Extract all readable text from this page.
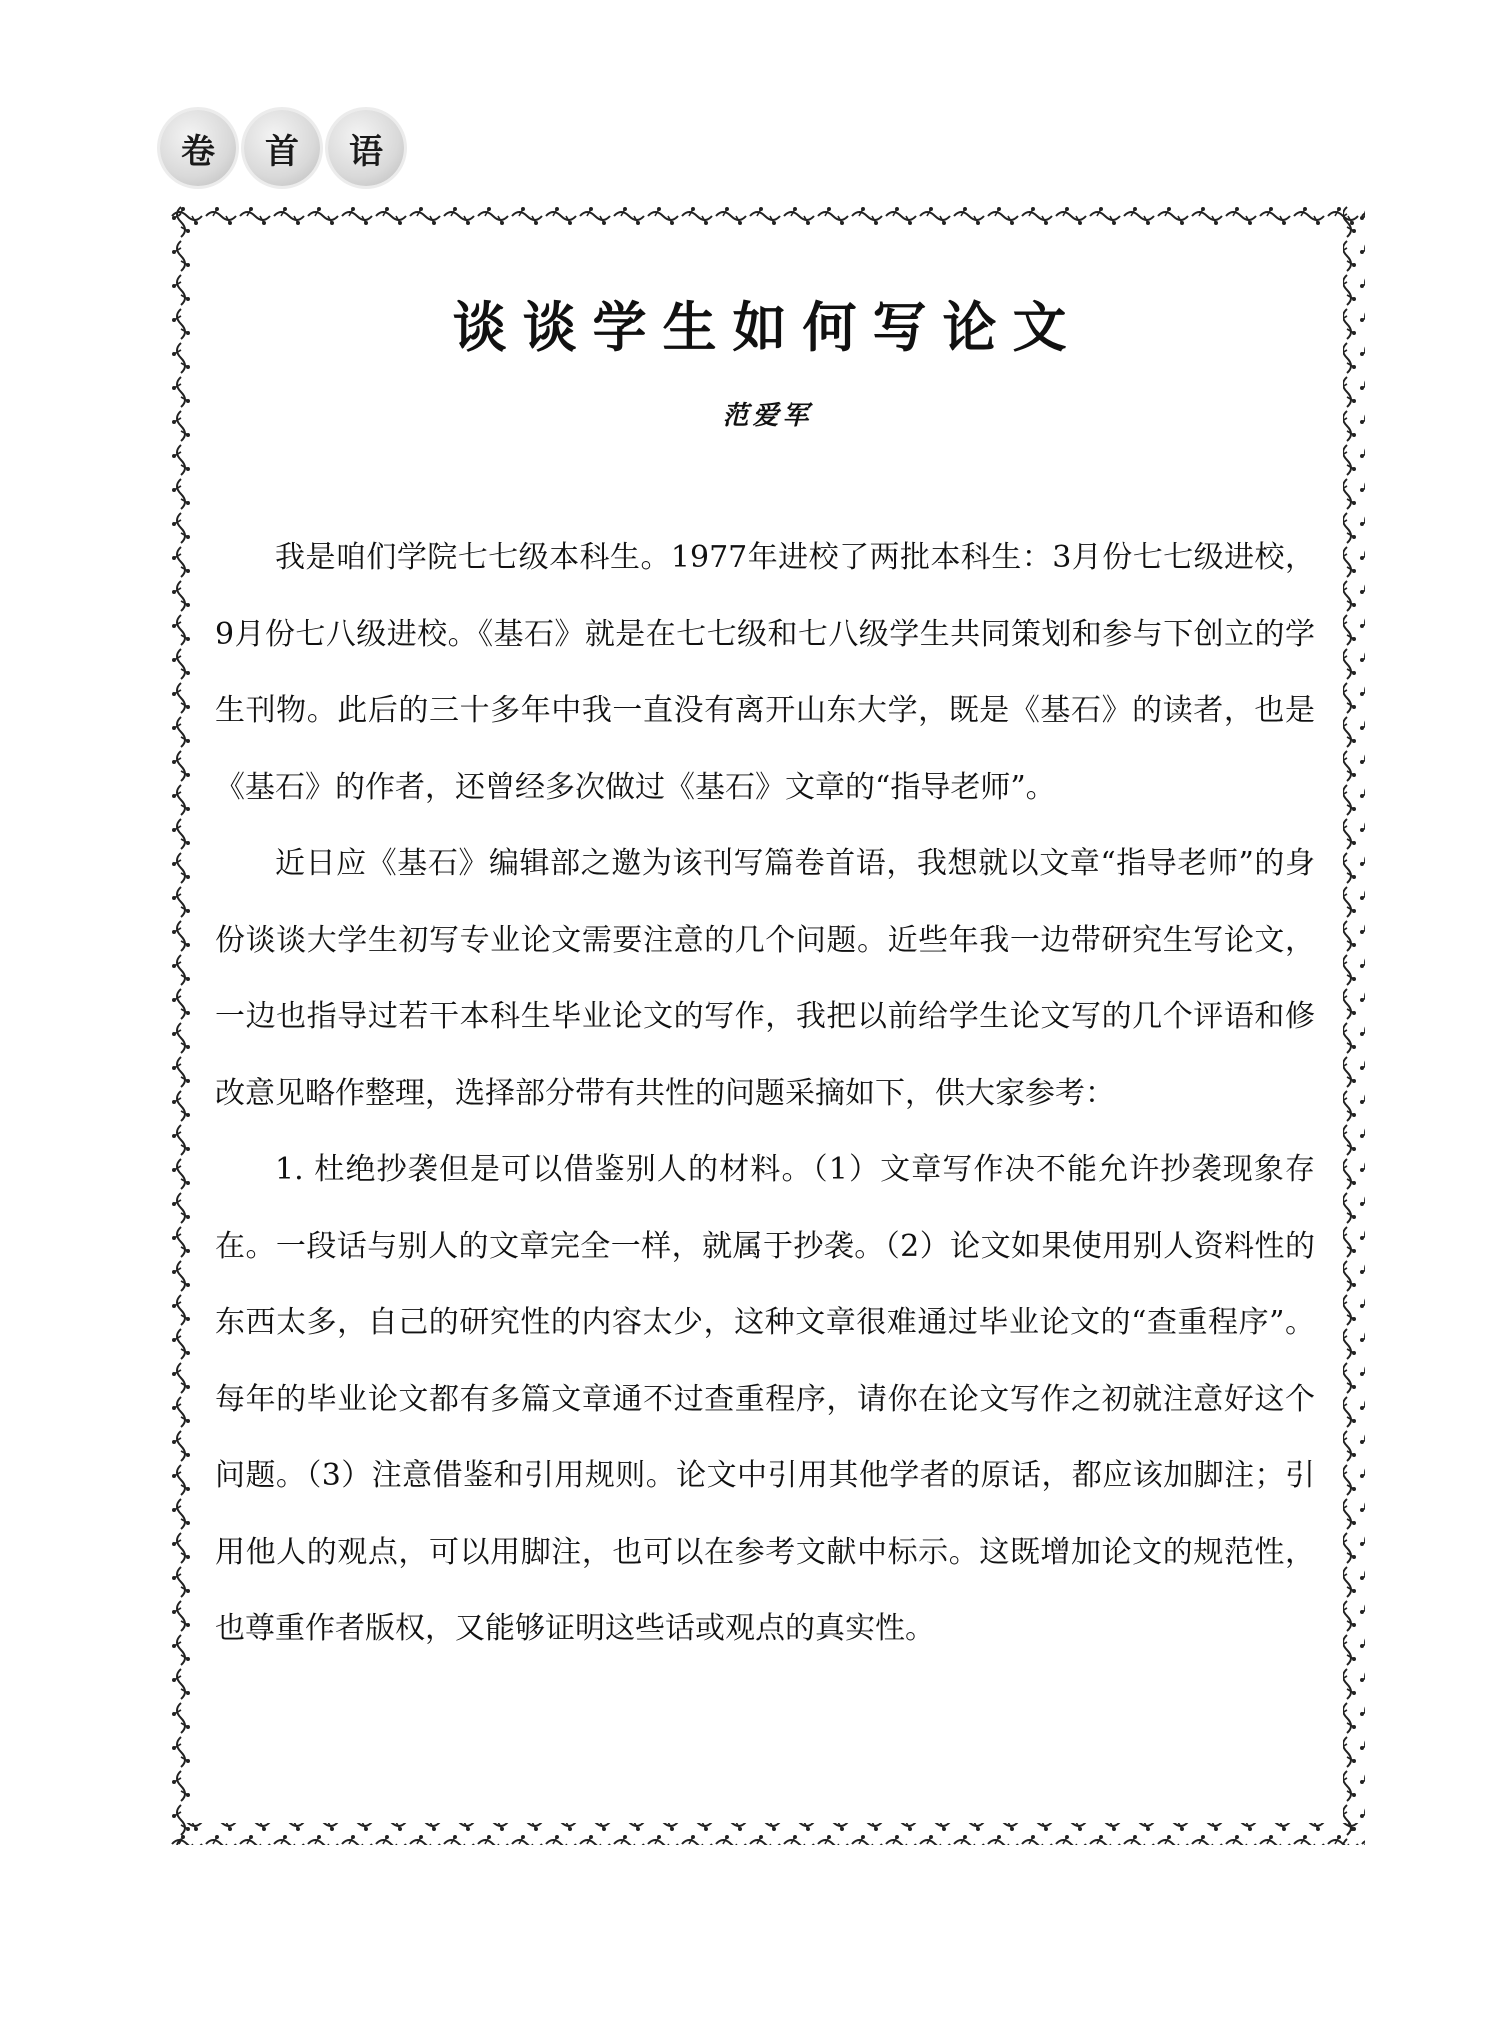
卷	首	语
谈谈学生如何写论文
范爱军

我是咱们学院七七级本科生。1977年进校了两批本科生：3月份七七级进校，9月份七八级进校。《基石》就是在七七级和七八级学生共同策划和参与下创立的学生刊物。此后的三十多年中我一直没有离开山东大学，既是《基石》的读者，也是《基石》的作者，还曾经多次做过《基石》文章的“指导老师”。

近日应《基石》编辑部之邀为该刊写篇卷首语，我想就以文章“指导老师”的身份谈谈大学生初写专业论文需要注意的几个问题。近些年我一边带研究生写论文，一边也指导过若干本科生毕业论文的写作，我把以前给学生论文写的几个评语和修改意见略作整理，选择部分带有共性的问题采摘如下，供大家参考：

1. 杜绝抄袭但是可以借鉴别人的材料。（1）文章写作决不能允许抄袭现象存在。一段话与别人的文章完全一样，就属于抄袭。（2）论文如果使用别人资料性的东西太多，自己的研究性的内容太少，这种文章很难通过毕业论文的“查重程序”。每年的毕业论文都有多篇文章通不过查重程序，请你在论文写作之初就注意好这个问题。（3）注意借鉴和引用规则。论文中引用其他学者的原话，都应该加脚注；引用他人的观点，可以用脚注，也可以在参考文献中标示。这既增加论文的规范性，也尊重作者版权，又能够证明这些话或观点的真实性。
